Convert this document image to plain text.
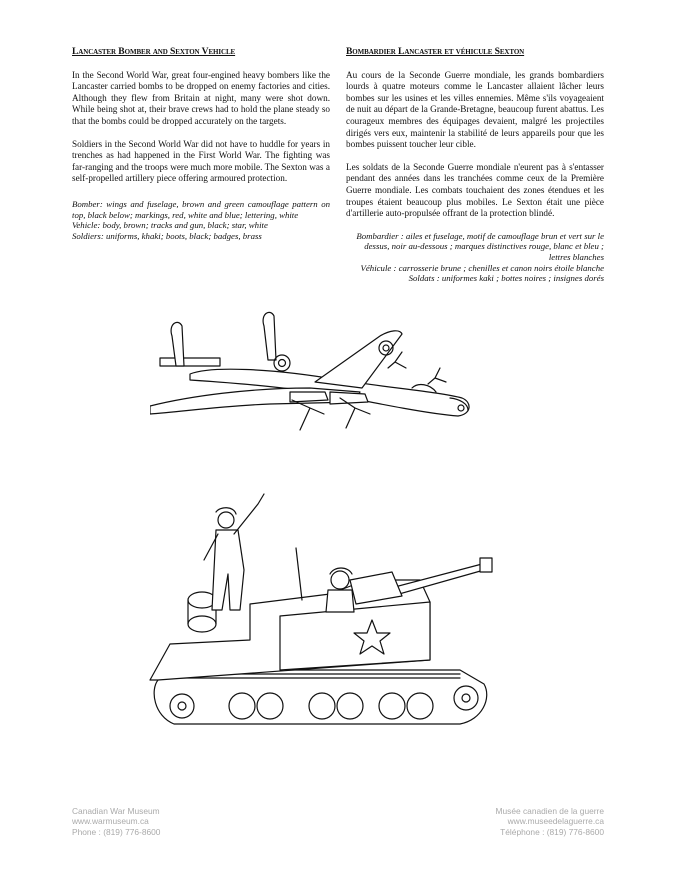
Lancaster Bomber and Sexton Vehicle

In the Second World War, great four-engined heavy bombers like the Lancaster carried bombs to be dropped on enemy factories and cities. Although they flew from Britain at night, many were shot down. While being shot at, their brave crews had to hold the plane steady so that the bombs could be dropped accurately on the targets.

Soldiers in the Second World War did not have to huddle for years in trenches as had happened in the First World War. The fighting was far-ranging and the troops were much more mobile. The Sexton was a self-propelled artillery piece offering armoured protection.

Bomber: wings and fuselage, brown and green camouflage pattern on top, black below; markings, red, white and blue; lettering, white
Vehicle: body, brown; tracks and gun, black; star, white
Soldiers: uniforms, khaki; boots, black; badges, brass
Bombardier Lancaster et véhicule Sexton

Au cours de la Seconde Guerre mondiale, les grands bombardiers lourds à quatre moteurs comme le Lancaster allaient lâcher leurs bombes sur les usines et les villes ennemies. Même s'ils voyageaient de nuit au départ de la Grande-Bretagne, beaucoup furent abattus. Les courageux membres des équipages devaient, malgré les projectiles dirigés vers eux, maintenir la stabilité de leurs appareils pour que les bombes puissent toucher leur cible.

Les soldats de la Seconde Guerre mondiale n'eurent pas à s'entasser pendant des années dans les tranchées comme ceux de la Première Guerre mondiale. Les combats touchaient des zones étendues et les troupes étaient beaucoup plus mobiles. Le Sexton était une pièce d'artillerie auto-propulsée offrant de la protection blindé.

Bombardier : ailes et fuselage, motif de camouflage brun et vert sur le dessus, noir au-dessous ; marques distinctives rouge, blanc et bleu ; lettres blanches
Véhicule : carrosserie brune ; chenilles et canon noirs étoile blanche
Soldats : uniformes kaki ; bottes noires ; insignes dorés
Canadian War Museum
www.warmuseum.ca
Phone : (819) 776-8600
Musée canadien de la guerre
www.museedelaguerre.ca
Téléphone : (819) 776-8600
